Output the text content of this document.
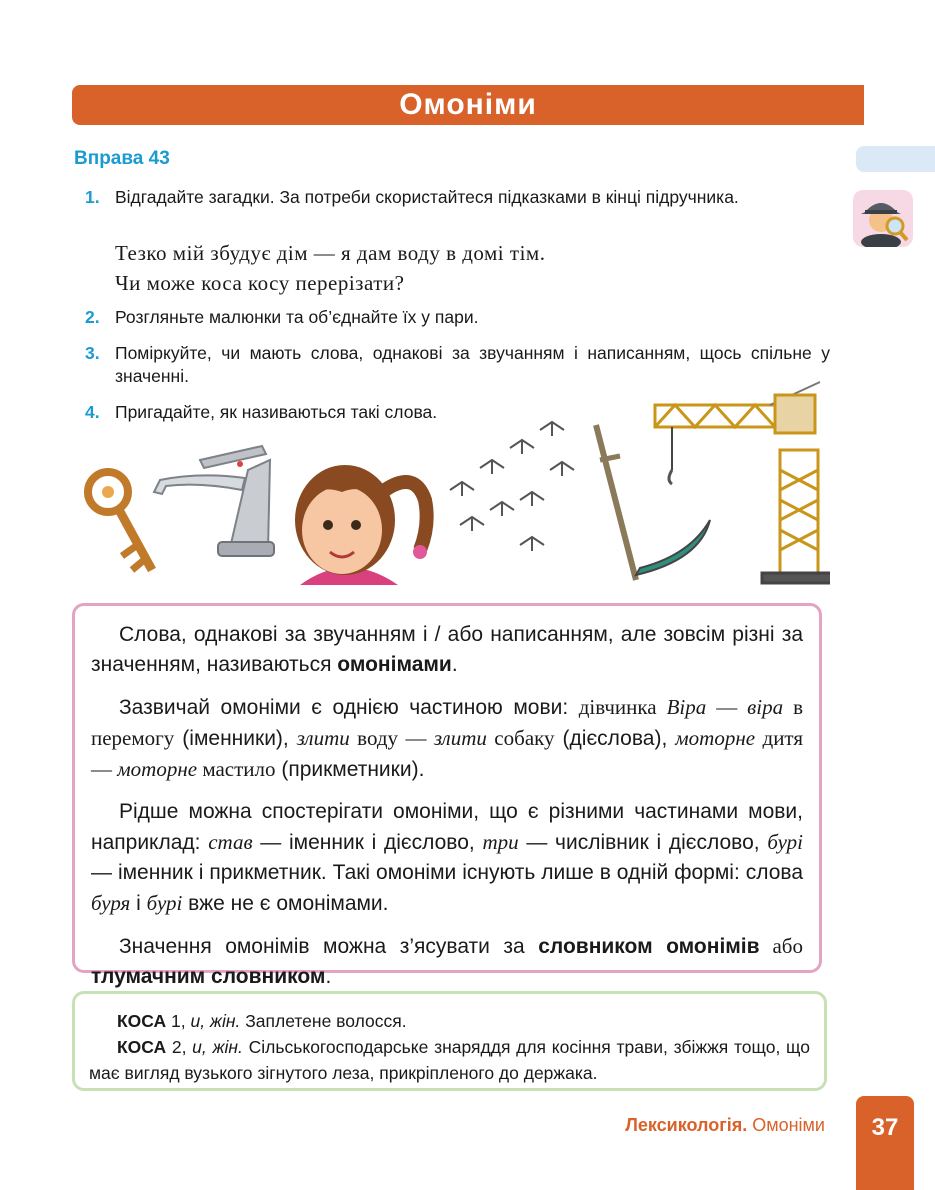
Омоніми
Вправа 43
1. Відгадайте загадки. За потреби скористайтеся підказками в кінці підручника.
Тезко мій збудує дім — я дам воду в домі тім.
Чи може коса косу перерізати?
2. Розгляньте малюнки та об’єднайте їх у пари.
3. Поміркуйте, чи мають слова, однакові за звучанням і написанням, щось спільне у значенні.
4. Пригадайте, як називаються такі слова.

Слова, однакові за звучанням і / або написанням, але зовсім різні за значенням, називаються омонімами.

Зазвичай омоніми є однією частиною мови: дівчинка Віра — віра в перемогу (іменники), злити воду — злити собаку (дієслова), моторне дитя — моторне мастило (прикметники).

Рідше можна спостерігати омоніми, що є різними частинами мови, наприклад: став — іменник і дієслово, три — числівник і дієслово, бурі — іменник і прикметник. Такі омоніми існують лише в одній формі: слова буря і бурі вже не є омонімами.

Значення омонімів можна з’ясувати за словником омонімів або тлумачним словником.

КОСА 1, и, жін. Заплетене волосся.

КОСА 2, и, жін. Сільськогосподарське знаряддя для косіння трави, збіжжя тощо, що має вигляд вузького зігнутого леза, прикріпленого до держака.

Лексикологія. Омоніми	37
